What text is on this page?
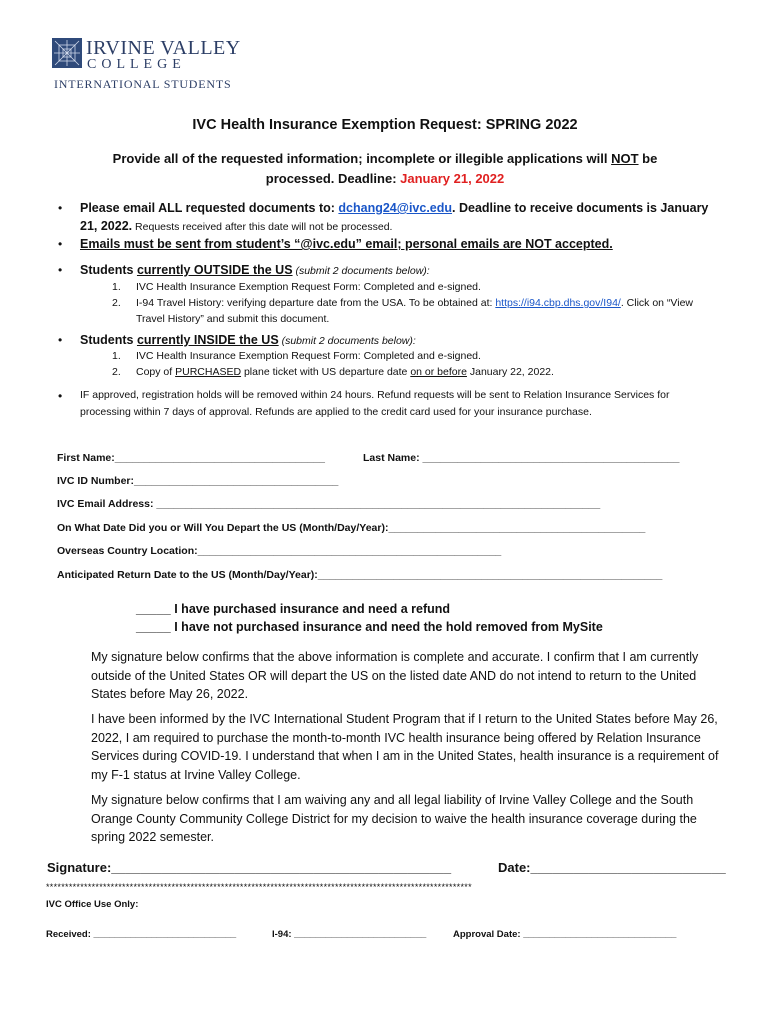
IRVINE VALLEY
COLLEGE
INTERNATIONAL STUDENTS
IVC Health Insurance Exemption Request: SPRING 2022
Provide all of the requested information; incomplete or illegible applications will NOT be processed. Deadline: January 21, 2022
• Please email ALL requested documents to: dchang24@ivc.edu. Deadline to receive documents is January 21, 2022. Requests received after this date will not be processed.
• Emails must be sent from student’s “@ivc.edu” email; personal emails are NOT accepted.
• Students currently OUTSIDE the US (submit 2 documents below):
1. IVC Health Insurance Exemption Request Form: Completed and e-signed.
2. I-94 Travel History: verifying departure date from the USA. To be obtained at: https://i94.cbp.dhs.gov/I94/. Click on “View Travel History” and submit this document.
• Students currently INSIDE the US (submit 2 documents below):
1. IVC Health Insurance Exemption Request Form: Completed and e-signed.
2. Copy of PURCHASED plane ticket with US departure date on or before January 22, 2022.
• IF approved, registration holds will be removed within 24 hours. Refund requests will be sent to Relation Insurance Services for processing within 7 days of approval. Refunds are applied to the credit card used for your insurance purchase.
First Name:____________________________________	Last Name: ____________________________________________
IVC ID Number:___________________________________
IVC Email Address: ____________________________________________________________________________
On What Date Did you or Will You Depart the US (Month/Day/Year):____________________________________________
Overseas Country Location:____________________________________________________
Anticipated Return Date to the US (Month/Day/Year):___________________________________________________________
_____ I have purchased insurance and need a refund
_____ I have not purchased insurance and need the hold removed from MySite
My signature below confirms that the above information is complete and accurate. I confirm that I am currently outside of the United States OR will depart the US on the listed date AND do not intend to return to the United States before May 26, 2022.
I have been informed by the IVC International Student Program that if I return to the United States before May 26, 2022, I am required to purchase the month-to-month IVC health insurance being offered by Relation Insurance Services during COVID-19. I understand that when I am in the United States, health insurance is a requirement of my F-1 status at Irvine Valley College.
My signature below confirms that I am waiving any and all legal liability of Irvine Valley College and the South Orange County Community College District for my decision to waive the health insurance coverage during the spring 2022 semester.
Signature:_______________________________________________	Date:___________________________
****************************************************************************************************************
IVC Office Use Only:
Received: ___________________________	I-94: _________________________	Approval Date: _____________________________
